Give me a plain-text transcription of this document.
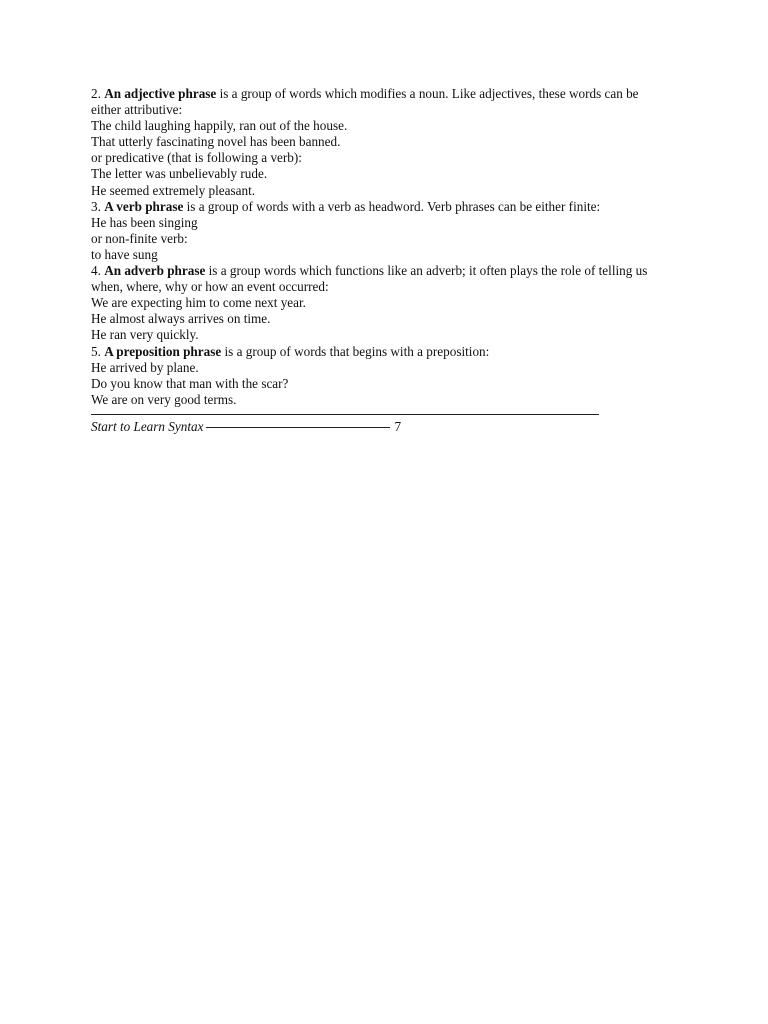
2. An adjective phrase is a group of words which modifies a noun. Like adjectives, these words can be either attributive:
The child laughing happily, ran out of the house.
That utterly fascinating novel has been banned.
or predicative (that is following a verb):
The letter was unbelievably rude.
He seemed extremely pleasant.
3. A verb phrase is a group of words with a verb as headword. Verb phrases can be either finite:
He has been singing
or non-finite verb:
to have sung
4. An adverb phrase is a group words which functions like an adverb; it often plays the role of telling us when, where, why or how an event occurred:
We are expecting him to come next year.
He almost always arrives on time.
He ran very quickly.
5. A preposition phrase is a group of words that begins with a preposition:
He arrived by plane.
Do you know that man with the scar?
We are on very good terms.
Start to Learn Syntax	7
